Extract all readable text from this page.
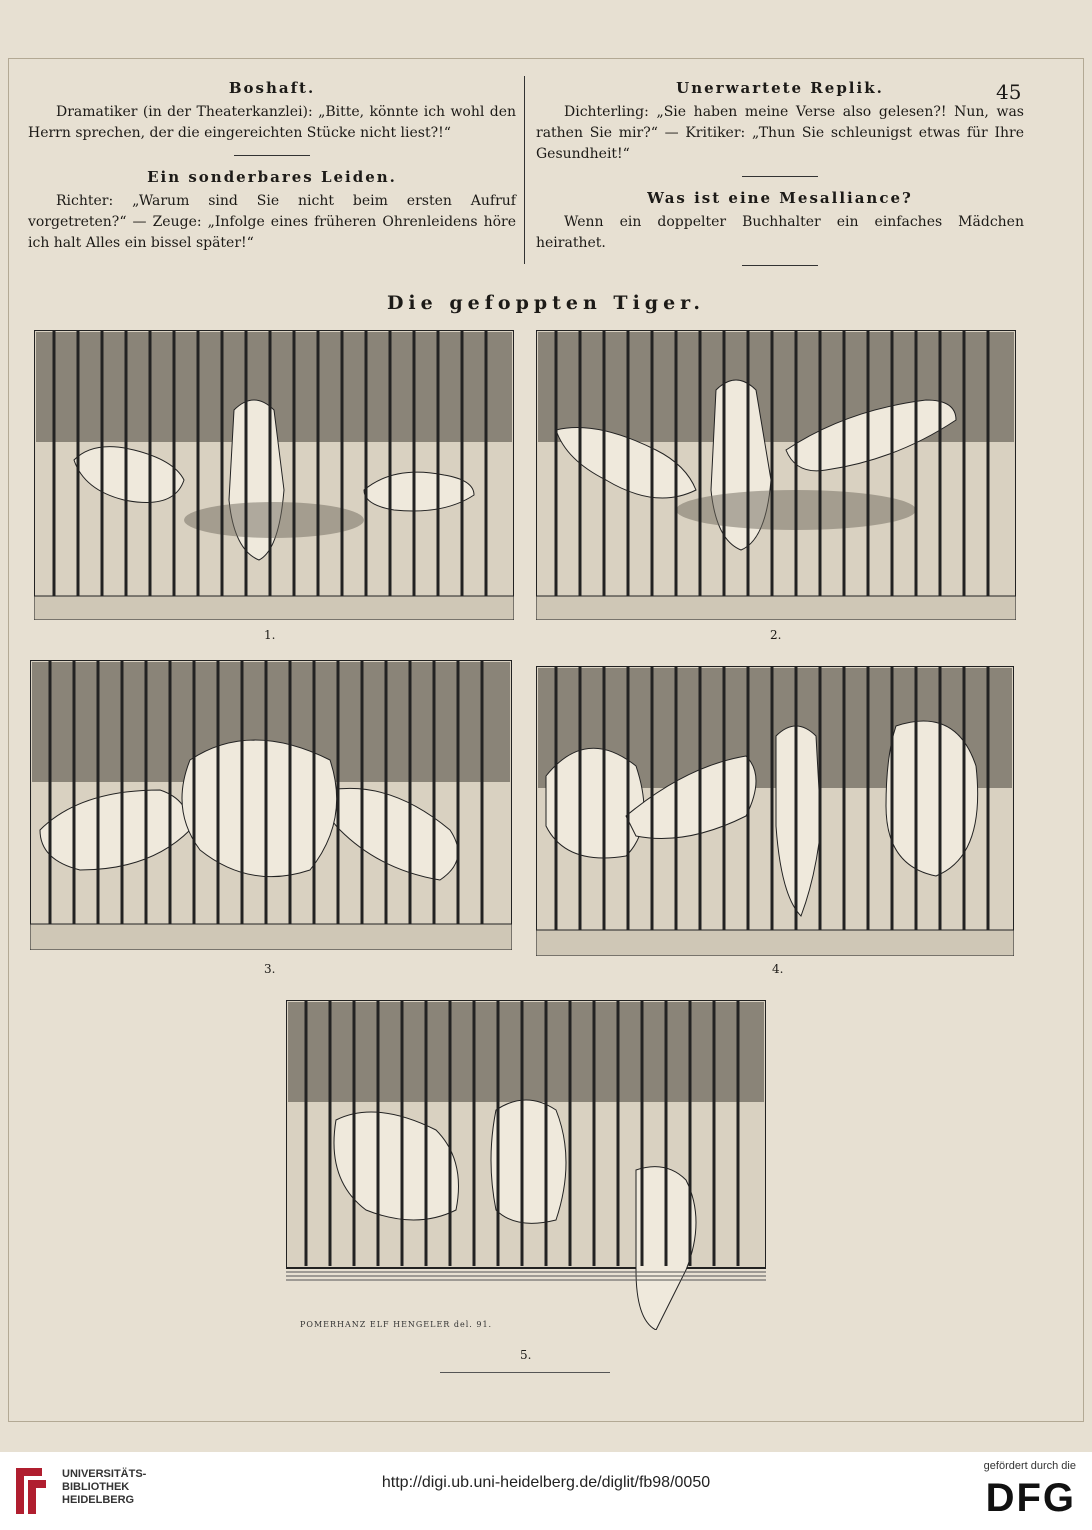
Boshaft.

Dramatiker (in der Theaterkanzlei): „Bitte, könnte ich wohl den Herrn sprechen, der die eingereichten Stücke nicht liest?!“

Ein sonderbares Leiden.

Richter: „Warum sind Sie nicht beim ersten Aufruf vorgetreten?“ — Zeuge: „Infolge eines früheren Ohrenleidens höre ich halt Alles ein bissel später!“

Unerwartete Replik.

Dichterling: „Sie haben meine Verse also gelesen?! Nun, was rathen Sie mir?“ — Kritiker: „Thun Sie schleunigst etwas für Ihre Gesundheit!“

Was ist eine Mesalliance?

Wenn ein doppelter Buchhalter ein einfaches Mädchen heirathet.

45
Die gefoppten Tiger.
1.	2.
3.	4.
POMERHANZ ELF HENGELER del. 91.
5.
UNIVERSITÄTS-
BIBLIOTHEK
HEIDELBERG
http://digi.ub.uni-heidelberg.de/diglit/fb98/0050
gefördert durch die
DFG
